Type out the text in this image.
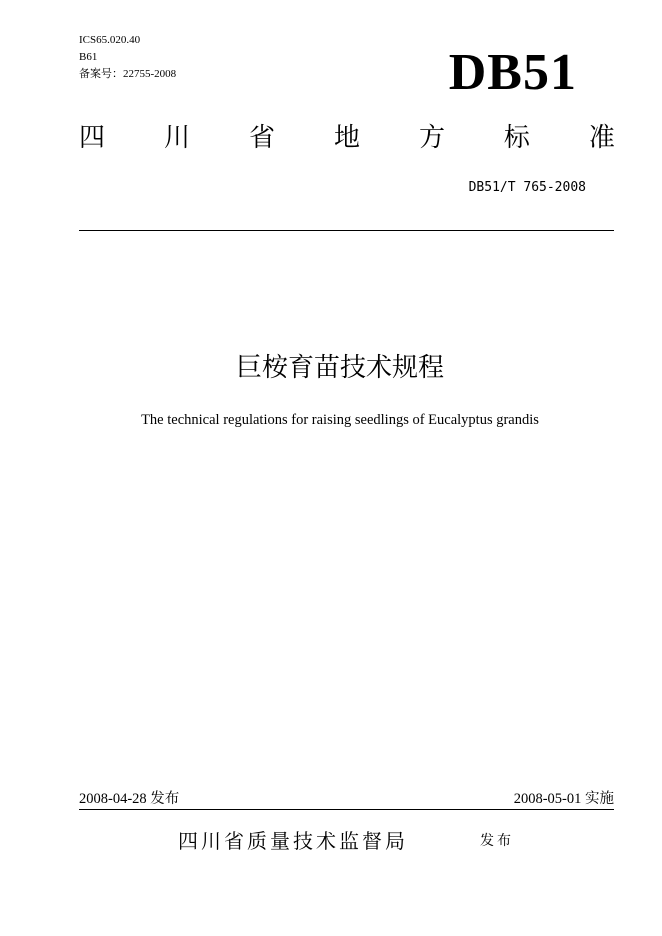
ICS65.020.40
B61
备案号：22755-2008	DB51
四 川 省 地 方 标 准
DB51/T 765-2008
巨桉育苗技术规程
The technical regulations for raising seedlings of Eucalyptus grandis
2008-04-28 发布	2008-05-01 实施
四川省质量技术监督局	发布
